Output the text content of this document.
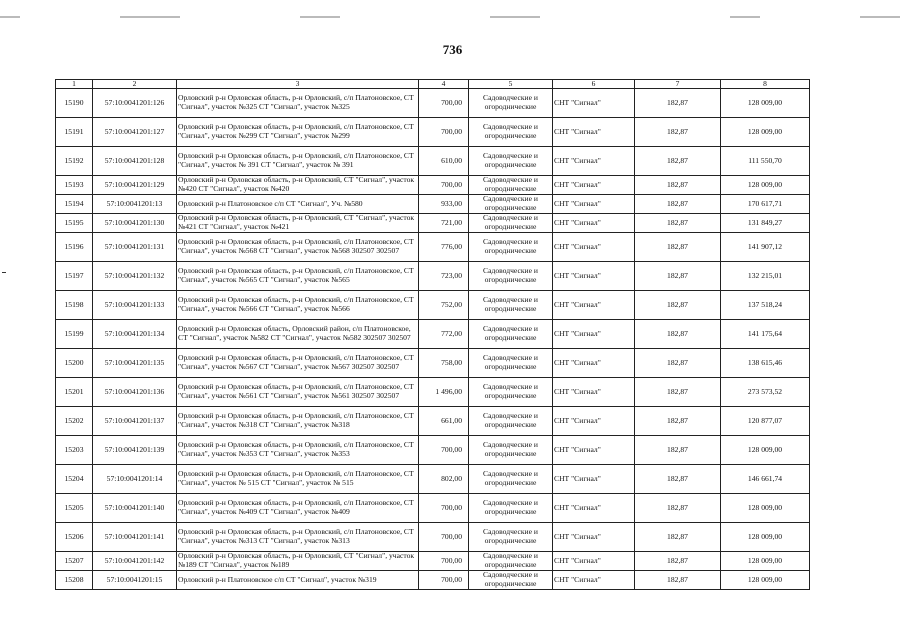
736
1	2	3	4	5	6	7	8
15190	57:10:0041201:126	Орловский р-н Орловская область, р-н Орловский, с/п Платоновское, СТ "Сигнал", участок №325 СТ "Сигнал", участок №325	700,00	Садоводческие и огороднические	СНТ "Сигнал"	182,87	128 009,00
15191	57:10:0041201:127	Орловский р-н Орловская область, р-н Орловский, с/п Платоновское, СТ "Сигнал", участок №299 СТ "Сигнал", участок №299	700,00	Садоводческие и огороднические	СНТ "Сигнал"	182,87	128 009,00
15192	57:10:0041201:128	Орловский р-н Орловская область, р-н Орловский, с/п Платоновское, СТ "Сигнал", участок № 391 СТ "Сигнал", участок № 391	610,00	Садоводческие и огороднические	СНТ "Сигнал"	182,87	111 550,70
15193	57:10:0041201:129	Орловский р-н Орловская область, р-н Орловский, СТ "Сигнал", участок №420 СТ "Сигнал", участок №420	700,00	Садоводческие и огороднические	СНТ "Сигнал"	182,87	128 009,00
15194	57:10:0041201:13	Орловский р-н Платоновское с/п СТ "Сигнал", Уч. №580	933,00	Садоводческие и огороднические	СНТ "Сигнал"	182,87	170 617,71
15195	57:10:0041201:130	Орловский р-н Орловская область, р-н Орловский, СТ "Сигнал", участок №421 СТ "Сигнал", участок №421	721,00	Садоводческие и огороднические	СНТ "Сигнал"	182,87	131 849,27
15196	57:10:0041201:131	Орловский р-н Орловская область, р-н Орловский, с/п Платоновское, СТ "Сигнал", участок №568 СТ "Сигнал", участок №568 302507 302507	776,00	Садоводческие и огороднические	СНТ "Сигнал"	182,87	141 907,12
15197	57:10:0041201:132	Орловский р-н Орловская область, р-н Орловский, с/п Платоновское, СТ "Сигнал", участок №565 СТ "Сигнал", участок №565	723,00	Садоводческие и огороднические	СНТ "Сигнал"	182,87	132 215,01
15198	57:10:0041201:133	Орловский р-н Орловская область, р-н Орловский, с/п Платоновское, СТ "Сигнал", участок №566 СТ "Сигнал", участок №566	752,00	Садоводческие и огороднические	СНТ "Сигнал"	182,87	137 518,24
15199	57:10:0041201:134	Орловский р-н Орловская область, Орловский район, с/п Платоновское, СТ "Сигнал", участок №582 СТ "Сигнал", участок №582 302507 302507	772,00	Садоводческие и огороднические	СНТ "Сигнал"	182,87	141 175,64
15200	57:10:0041201:135	Орловский р-н Орловская область, р-н Орловский, с/п Платоновское, СТ "Сигнал", участок №567 СТ "Сигнал", участок №567 302507 302507	758,00	Садоводческие и огороднические	СНТ "Сигнал"	182,87	138 615,46
15201	57:10:0041201:136	Орловский р-н Орловская область, р-н Орловский, с/п Платоновское, СТ "Сигнал", участок №561 СТ "Сигнал", участок №561 302507 302507	1 496,00	Садоводческие и огороднические	СНТ "Сигнал"	182,87	273 573,52
15202	57:10:0041201:137	Орловский р-н Орловская область, р-н Орловский, с/п Платоновское, СТ "Сигнал", участок №318 СТ "Сигнал", участок №318	661,00	Садоводческие и огороднические	СНТ "Сигнал"	182,87	120 877,07
15203	57:10:0041201:139	Орловский р-н Орловская область, р-н Орловский, с/п Платоновское, СТ "Сигнал", участок №353 СТ "Сигнал", участок №353	700,00	Садоводческие и огороднические	СНТ "Сигнал"	182,87	128 009,00
15204	57:10:0041201:14	Орловский р-н Орловская область, р-н Орловский, с/п Платоновское, СТ "Сигнал", участок № 515 СТ "Сигнал", участок № 515	802,00	Садоводческие и огороднические	СНТ "Сигнал"	182,87	146 661,74
15205	57:10:0041201:140	Орловский р-н Орловская область, р-н Орловский, с/п Платоновское, СТ "Сигнал", участок №409 СТ "Сигнал", участок №409	700,00	Садоводческие и огороднические	СНТ "Сигнал"	182,87	128 009,00
15206	57:10:0041201:141	Орловский р-н Орловская область, р-н Орловский, с/п Платоновское, СТ "Сигнал", участок №313 СТ "Сигнал", участок №313	700,00	Садоводческие и огороднические	СНТ "Сигнал"	182,87	128 009,00
15207	57:10:0041201:142	Орловский р-н Орловская область, р-н Орловский, СТ "Сигнал", участок №189 СТ "Сигнал", участок №189	700,00	Садоводческие и огороднические	СНТ "Сигнал"	182,87	128 009,00
15208	57:10:0041201:15	Орловский р-н Платоновское с/п СТ "Сигнал", участок №319	700,00	Садоводческие и огороднические	СНТ "Сигнал"	182,87	128 009,00
